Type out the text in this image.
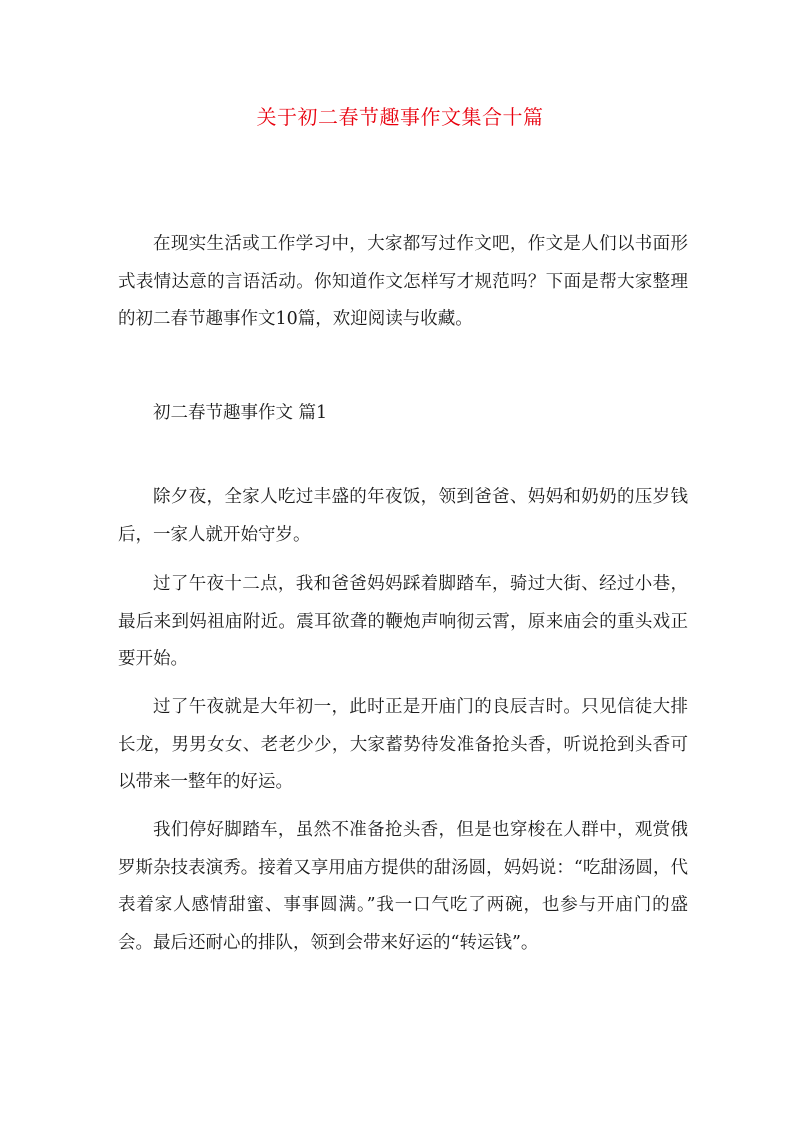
关于初二春节趣事作文集合十篇

在现实生活或工作学习中，大家都写过作文吧，作文是人们以书面形式表情达意的言语活动。你知道作文怎样写才规范吗？下面是帮大家整理的初二春节趣事作文10篇，欢迎阅读与收藏。

初二春节趣事作文 篇1

除夕夜，全家人吃过丰盛的年夜饭，领到爸爸、妈妈和奶奶的压岁钱后，一家人就开始守岁。

过了午夜十二点，我和爸爸妈妈踩着脚踏车，骑过大街、经过小巷，最后来到妈祖庙附近。震耳欲聋的鞭炮声响彻云霄，原来庙会的重头戏正要开始。

过了午夜就是大年初一，此时正是开庙门的良辰吉时。只见信徒大排长龙，男男女女、老老少少，大家蓄势待发准备抢头香，听说抢到头香可以带来一整年的好运。

我们停好脚踏车，虽然不准备抢头香，但是也穿梭在人群中，观赏俄罗斯杂技表演秀。接着又享用庙方提供的甜汤圆，妈妈说：“吃甜汤圆，代表着家人感情甜蜜、事事圆满。”我一口气吃了两碗，也参与开庙门的盛会。最后还耐心的排队，领到会带来好运的“转运钱”。
